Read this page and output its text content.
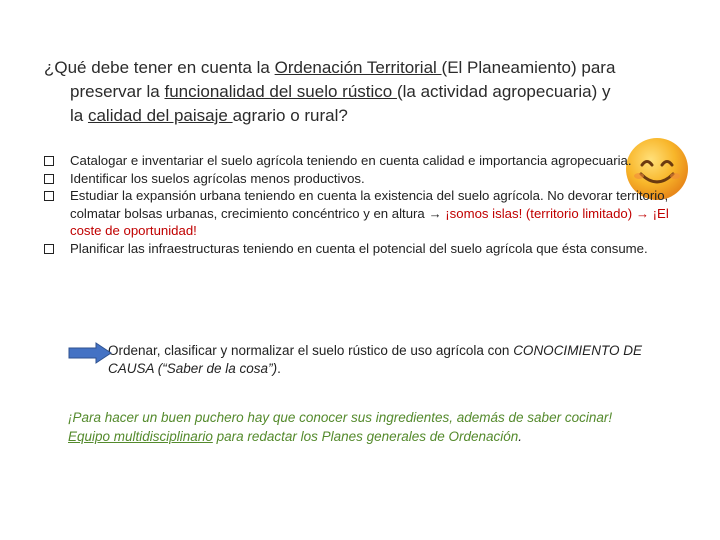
¿Qué debe tener en cuenta la Ordenación Territorial (El Planeamiento) para
preservar la funcionalidad del suelo rústico (la actividad agropecuaria) y
la calidad del paisaje agrario o rural?
Catalogar e inventariar el suelo agrícola teniendo en cuenta calidad e importancia agropecuaria.
Identificar los suelos agrícolas menos productivos.
Estudiar la expansión urbana teniendo en cuenta la existencia del suelo agrícola. No devorar territorio, colmatar bolsas urbanas, crecimiento concéntrico y en altura → ¡somos islas! (territorio limitado) → ¡El coste de oportunidad!
Planificar las infraestructuras teniendo en cuenta el potencial del suelo agrícola que ésta consume.
Ordenar, clasificar y normalizar el suelo rústico de uso agrícola con CONOCIMIENTO DE CAUSA (“Saber de la cosa”).
¡Para hacer un buen puchero hay que conocer sus ingredientes, además de saber cocinar!
Equipo multidisciplinario para redactar los Planes generales de Ordenación.
